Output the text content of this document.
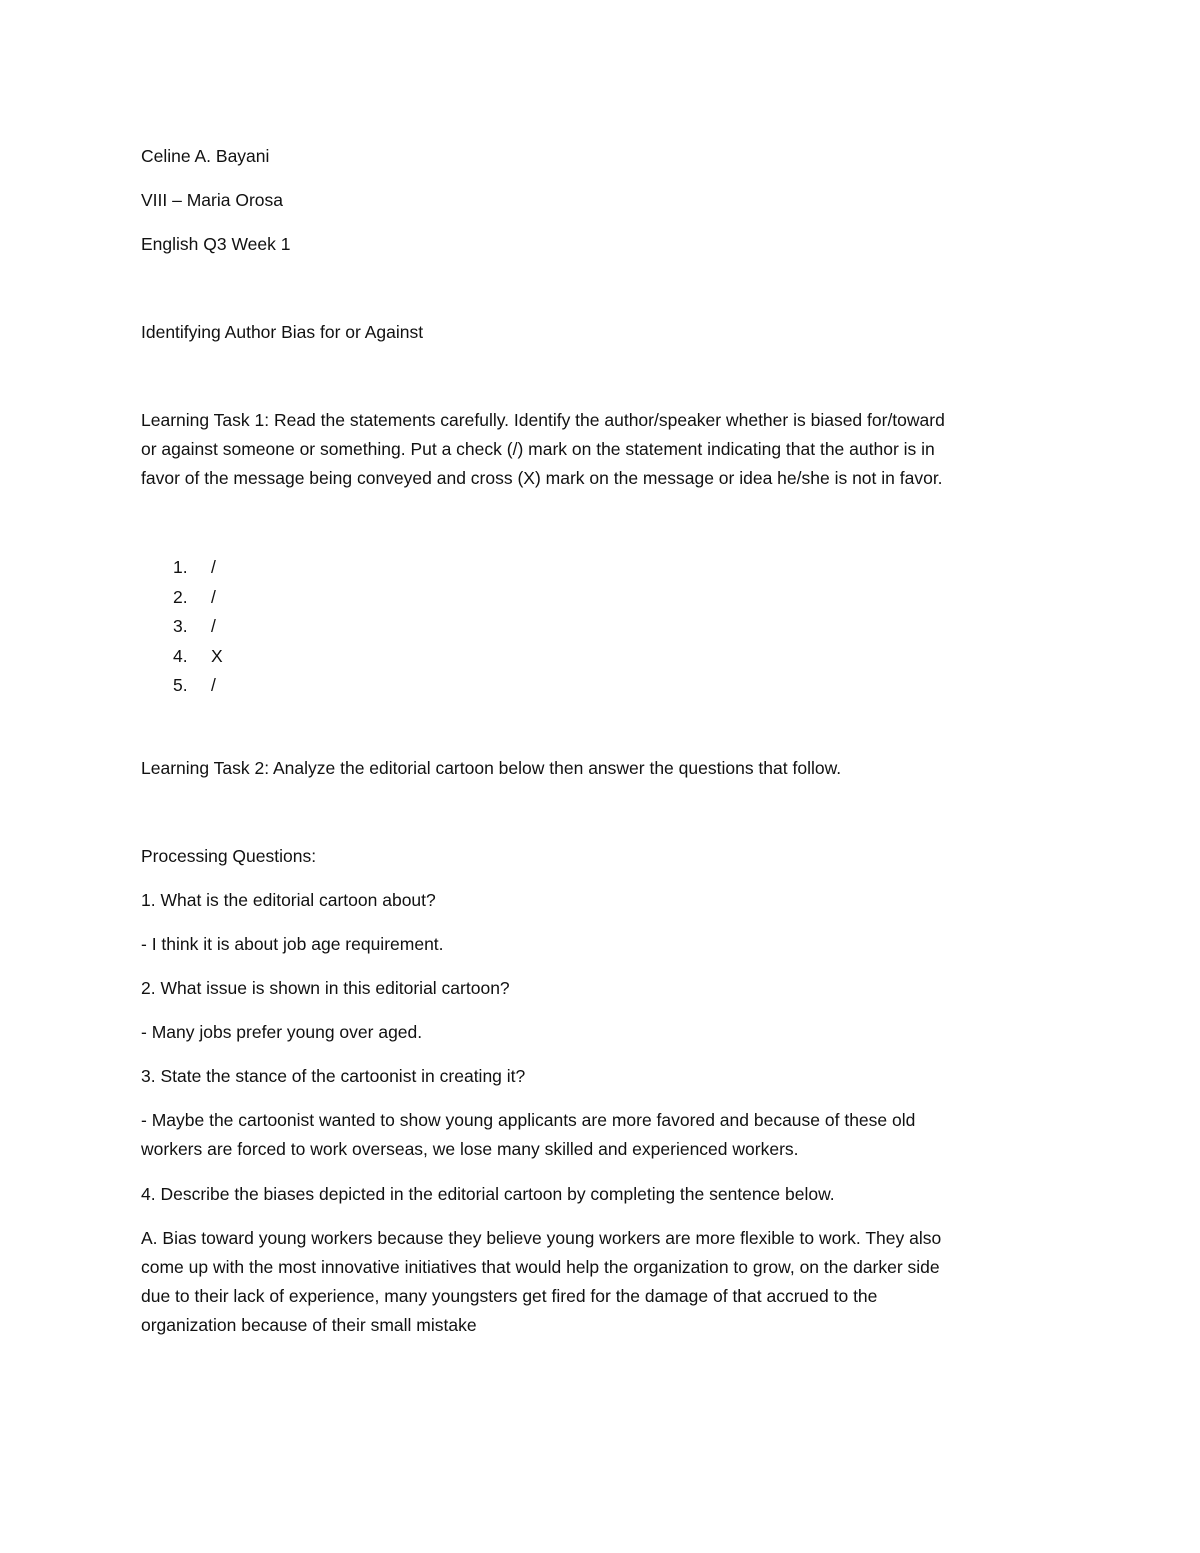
Celine A. Bayani

VIII – Maria Orosa

English Q3 Week 1

Identifying Author Bias for or Against

Learning Task 1: Read the statements carefully. Identify the author/speaker whether is biased for/toward
or against someone or something. Put a check (/) mark on the statement indicating that the author is in
favor of the message being conveyed and cross (X) mark on the message or idea he/she is not in favor.
1.	/
2.	/
3.	/
4.	X
5.	/

Learning Task 2: Analyze the editorial cartoon below then answer the questions that follow.

Processing Questions:

1. What is the editorial cartoon about?

- I think it is about job age requirement.

2. What issue is shown in this editorial cartoon?

- Many jobs prefer young over aged.

3. State the stance of the cartoonist in creating it?

- Maybe the cartoonist wanted to show young applicants are more favored and because of these old
workers are forced to work overseas, we lose many skilled and experienced workers.

4. Describe the biases depicted in the editorial cartoon by completing the sentence below.

A. Bias toward young workers because they believe young workers are more flexible to work. They also
come up with the most innovative initiatives that would help the organization to grow, on the darker side
due to their lack of experience, many youngsters get fired for the damage of that accrued to the
organization because of their small mistake
